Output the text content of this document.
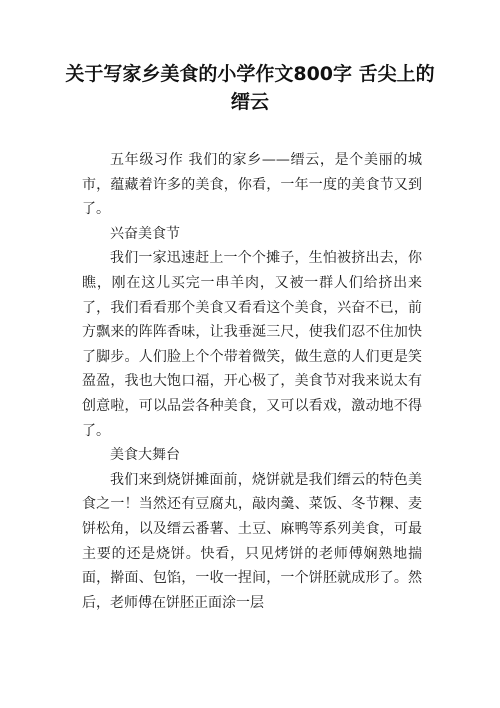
关于写家乡美食的小学作文800字 舌尖上的缙云

五年级习作 我们的家乡——缙云，是个美丽的城市，蕴藏着许多的美食，你看，一年一度的美食节又到了。

兴奋美食节

我们一家迅速赶上一个个摊子，生怕被挤出去，你瞧，刚在这儿买完一串羊肉，又被一群人们给挤出来了，我们看看那个美食又看看这个美食，兴奋不已，前方飘来的阵阵香味，让我垂涎三尺，使我们忍不住加快了脚步。人们脸上个个带着微笑，做生意的人们更是笑盈盈，我也大饱口福，开心极了，美食节对我来说太有创意啦，可以品尝各种美食，又可以看戏，激动地不得了。

美食大舞台

我们来到烧饼摊面前，烧饼就是我们缙云的特色美食之一！当然还有豆腐丸，敲肉羹、菜饭、冬节粿、麦饼松角，以及缙云番薯、土豆、麻鸭等系列美食，可最主要的还是烧饼。快看，只见烤饼的老师傅娴熟地揣面，擀面、包馅，一收一捏间，一个饼胚就成形了。然后，老师傅在饼胚正面涂一层
